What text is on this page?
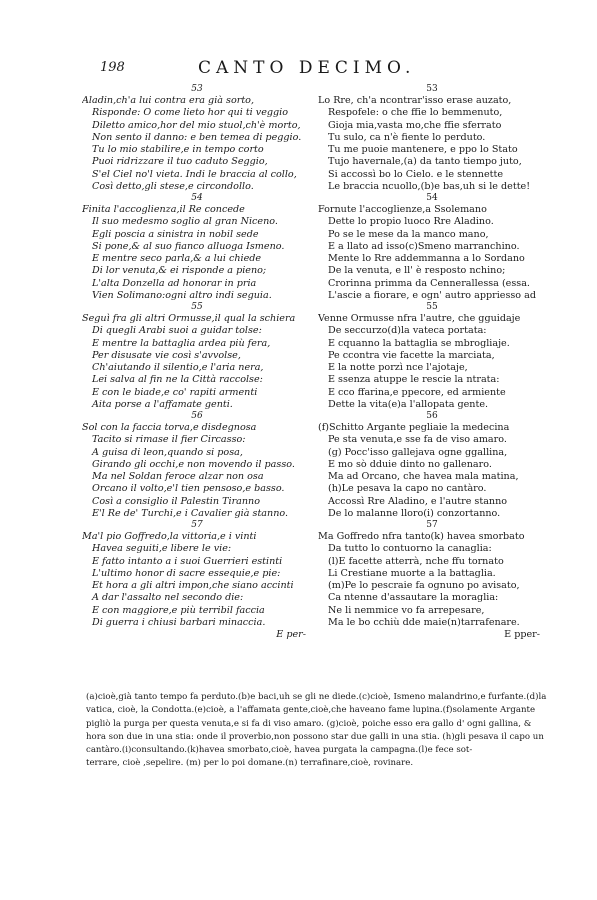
198	CANTO DECIMO.
53
Aladin,ch'a lui contra era già sorto,
Risponde: O come lieto hor qui ti veggio
Diletto amico,hor del mio stuol,ch'è morto,
Non sento il danno: e ben temea di peggio.
Tu lo mio stabilire,e in tempo corto
Puoi ridrizzare il tuo caduto Seggio,
S'el Ciel no'l vieta. Indi le braccia al collo,
Così detto,gli stese,e circondollo.
54
Finita l'accoglienza,il Re concede
Il suo medesmo soglio al gran Niceno.
Egli poscia a sinistra in nobil sede
Si pone,& al suo fianco alluoga Ismeno.
E mentre seco parla,& a lui chiede
Di lor venuta,& ei risponde a pieno;
L'alta Donzella ad honorar in pria
Vien Solimano:ogni altro indi seguia.
55
Seguì fra gli altri Ormusse,il qual la schiera
Di quegli Arabi suoi a guidar tolse:
E mentre la battaglia ardea più fera,
Per disusate vie così s'avvolse,
Ch'aiutando il silentio,e l'aria nera,
Lei salva al fin ne la Città raccolse:
E con le biade,e co' rapiti armenti
Aita porse a l'affamate genti.
56
Sol con la faccia torva,e disdegnosa
Tacito si rimase il fier Circasso:
A guisa di leon,quando si posa,
Girando gli occhi,e non movendo il passo.
Ma nel Soldan feroce alzar non osa
Orcano il volto,e'l tien pensoso,e basso.
Così a consiglio il Palestin Tiranno
E'l Re de' Turchi,e i Cavalier già stanno.
57
Ma'l pio Goffredo,la vittoria,e i vinti
Havea seguiti,e libere le vie:
E fatto intanto a i suoi Guerrieri estinti
L'ultimo honor di sacre essequie,e pie:
Et hora a gli altri impon,che siano accinti
A dar l'assalto nel secondo die:
E con maggiore,e più terribil faccia
Di guerra i chiusi barbari minaccia.
E per-
53
Lo Rre, ch'a ncontrar'isso erase auzato,
Respofele: o che ffie lo bemmenuto,
Gioja mia,vasta mo,che ffie sferrato
Tu sulo, ca n'è fiente lo perduto.
Tu me puoie mantenere, e ppo lo Stato
Tujo havernale,(a) da tanto tiempo juto,
Si accossì bo lo Cielo. e le stennette
Le braccia ncuollo,(b)e bas,uh si le dette!
54
Fornute l'accoglienze,a Ssolemano
Dette lo propio luoco Rre Aladino.
Po se le mese da la manco mano,
E a llato ad isso(c)Smeno marranchino.
Mente lo Rre addemmanna a lo Sordano
De la venuta, e ll' è resposto nchino;
Crorinna primma da Cennerallessa (essa.
L'ascie a fiorare, e ogn' autro appriesso ad
55
Venne Ormusse nfra l'autre, che gguidaje
De seccurzo(d)la vateca portata:
E cquanno la battaglia se mbrogliaje.
Pe ccontra vie facette la marciata,
E la notte porzì nce l'ajotaje,
E ssenza atuppe le rescie la ntrata:
E cco ffarina,e ppecore, ed armiente
Dette la vita(e)a l'allopata gente.
56
(f)Schitto Argante pegliaie la medecina
Pe sta venuta,e sse fa de viso amaro.
(g) Pocc'isso gallejava ogne ggallina,
E mo sò dduie dinto no gallenaro.
Ma ad Orcano, che havea mala matina,
(h)Le pesava la capo no cantàro.
Accossì Rre Aladino, e l'autre stanno
De lo malanne lloro(i) conzortanno.
57
Ma Goffredo nfra tanto(k) havea smorbato
Da tutto lo contuorno la canaglia:
(l)E facette atterrà, nche ffu tornato
Li Crestiane muorte a la battaglia.
(m)Pe lo pescraie fa ognuno po avisato,
Ca ntenne d'assautare la moraglia:
Ne li nemmice vo fa arrepesare,
Ma le bo cchiù dde maie(n)tarrafenare.
E pper-
(a)cioè,già tanto tempo fa perduto.(b)e baci,uh se gli ne diede.(c)cioè, Ismeno malandrino,e furfante.(d)la
vatica, cioè, la Condotta.(e)cioè, a l'affamata gente,cioè,che haveano fame lupina.(f)solamente Argante
pigliò la purga per questa venuta,e si fa di viso amaro. (g)cioè, poiche esso era gallo d' ogni gallina, &
hora son due in una stia: onde il proverbio,non possono star due galli in una stia. (h)gli pesava il capo un
cantàro.(i)consultando.(k)havea smorbato,cioè, havea purgata la campagna.(l)e fece sot-
terrare, cioè ,sepelire. (m) per lo poi domane.(n) terrafinare,cioè, rovinare.
